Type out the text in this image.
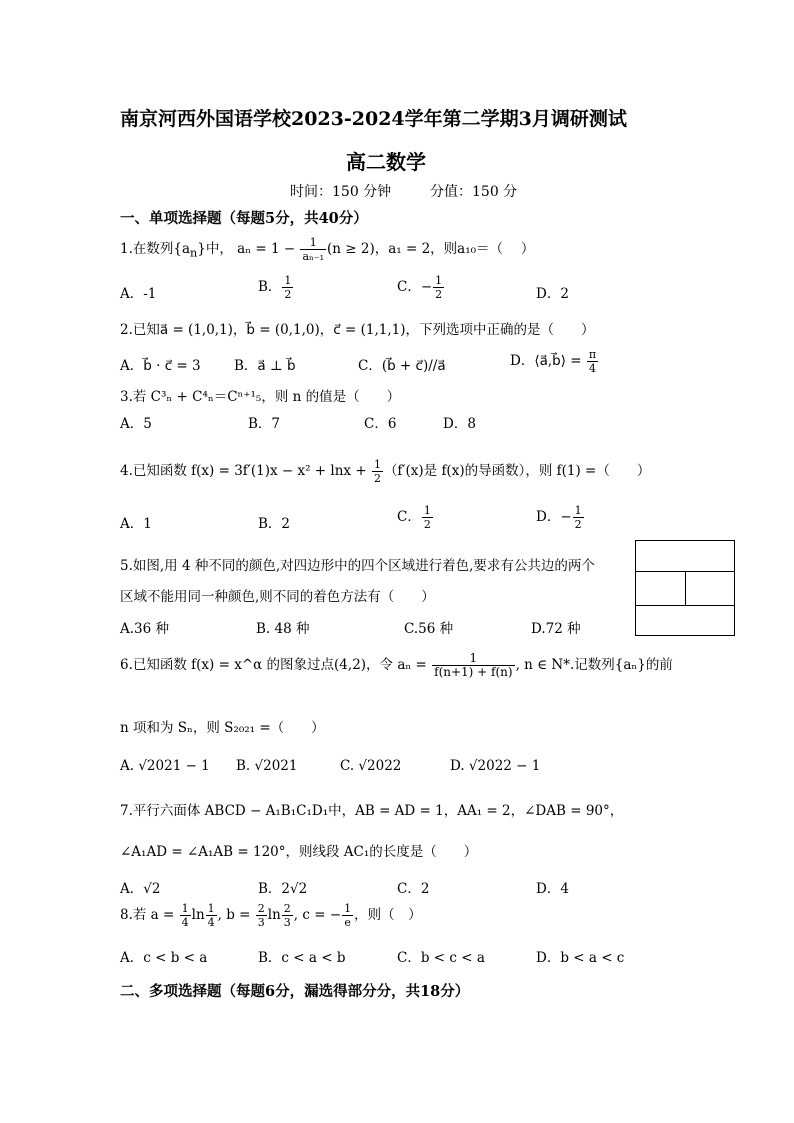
南京河西外国语学校2023-2024学年第二学期3月调研测试
高二数学
时间：150 分钟	分值：150 分
一、单项选择题（每题5分，共40分）
1.在数列$\{a_n\}$中， $a_n = 1 - \frac{1}{\text{aₙ₋₁}} (n \ge 2)$，a₁ = 2，则a₁₀＝（　 ）
A．-1	B． $\frac{1}{2}$	C．− $\frac{1}{2}$	D．2
2.已知a⃗ = (1,0,1)，b⃗ = (0,1,0)，c⃗ = (1,1,1)，下列选项中正确的是（　　）
A．b⃗ · c⃗ = 3 B．a⃗ ⊥ b⃗	C．(b⃗ + c⃗)//a⃗	D．⟨a⃗,b⃗⟩ = $\frac{\pi}{4}$
3.若 C³ₙ + C⁴ₙ＝Cⁿ⁺¹₅，则 n 的值是（　　）
A．5	B．7	C．6	D．8
4.已知函数 $f(x) = 3f'(1)x - x^2 + \ln x + \frac{1}{2} (f'(x)$是 f(x)的导函数），则 f(1) =（　　）
A．1	B．2	C． $\frac{1}{2}$	D．− $\frac{1}{2}$
5.如图,用 4 种不同的颜色,对四边形中的四个区域进行着色,要求有公共边的两个
区域不能用同一种颜色,则不同的着色方法有（　　）
A.36 种	B. 48 种	C.56 种	D.72 种
6.已知函数 f(x) = x^α 的图象过点(4,2)，令 $a_n = \frac{1}{f(n+1) + f(n)}$ , n ∈ N*.记数列{aₙ}的前
n 项和为 Sₙ，则 S₂₀₂₁ =（　　）
A. √2021 − 1 B. √2021	C. √2022	D. √2022 − 1
7.平行六面体 ABCD − A₁B₁C₁D₁中，AB = AD = 1，AA₁ = 2，∠DAB = 90°，
∠A₁AD = ∠A₁AB = 120°，则线段 AC₁的长度是（　　）
A．√2	B．2√2	C．2	D．4
8.若 $a = \frac{1}{4}$ $\ln \frac{1}{4}$ , $b = \frac{2}{3}$ $\ln \frac{2}{3}$ , c = − $\frac{1}{e}$ ，则（　）
A．c < b < a	B．c < a < b	C．b < c < a	D．b < a < c
二、多项选择题（每题6分，漏选得部分分，共18分）
